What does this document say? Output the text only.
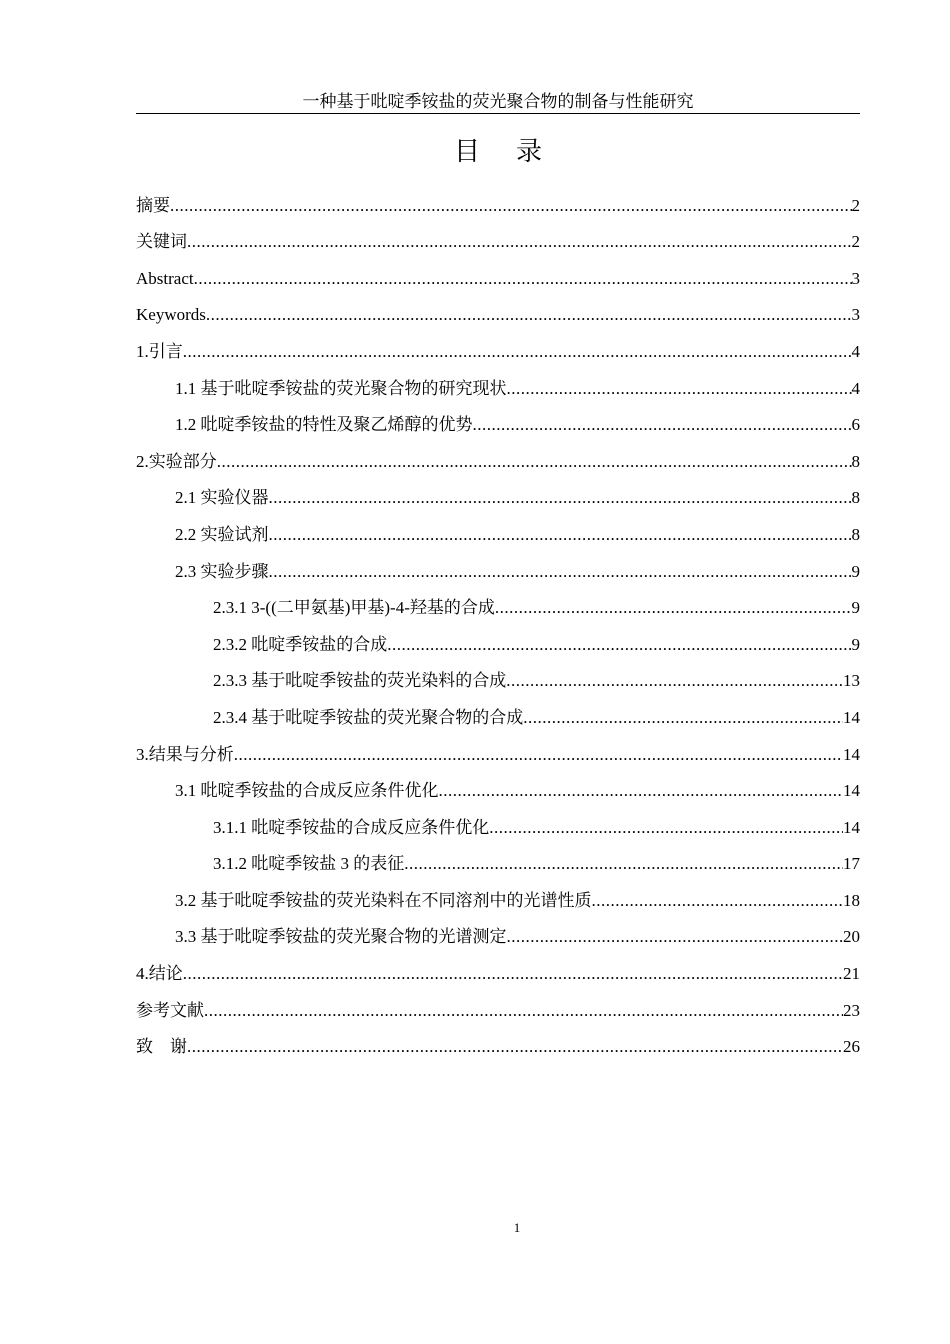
一种基于吡啶季铵盐的荧光聚合物的制备与性能研究
目录
摘要 .....	2
关键词 .....	2
Abstract .....	3
Keywords .....	3
1.引言 .....	4
1.1 基于吡啶季铵盐的荧光聚合物的研究现状 .....	4
1.2 吡啶季铵盐的特性及聚乙烯醇的优势 .....	6
2.实验部分 .....	8
2.1 实验仪器 .....	8
2.2 实验试剂 .....	8
2.3 实验步骤 .....	9
2.3.1 3-((二甲氨基)甲基)-4-羟基的合成 .....	9
2.3.2 吡啶季铵盐的合成 .....	9
2.3.3 基于吡啶季铵盐的荧光染料的合成 .....	13
2.3.4 基于吡啶季铵盐的荧光聚合物的合成 .....	14
3.结果与分析 .....	14
3.1 吡啶季铵盐的合成反应条件优化 .....	14
3.1.1 吡啶季铵盐的合成反应条件优化 .....	14
3.1.2 吡啶季铵盐 3 的表征 .....	17
3.2 基于吡啶季铵盐的荧光染料在不同溶剂中的光谱性质 .....	18
3.3 基于吡啶季铵盐的荧光聚合物的光谱测定 .....	20
4.结论 .....	21
参考文献 .....	23
致　谢 .....	26
1
